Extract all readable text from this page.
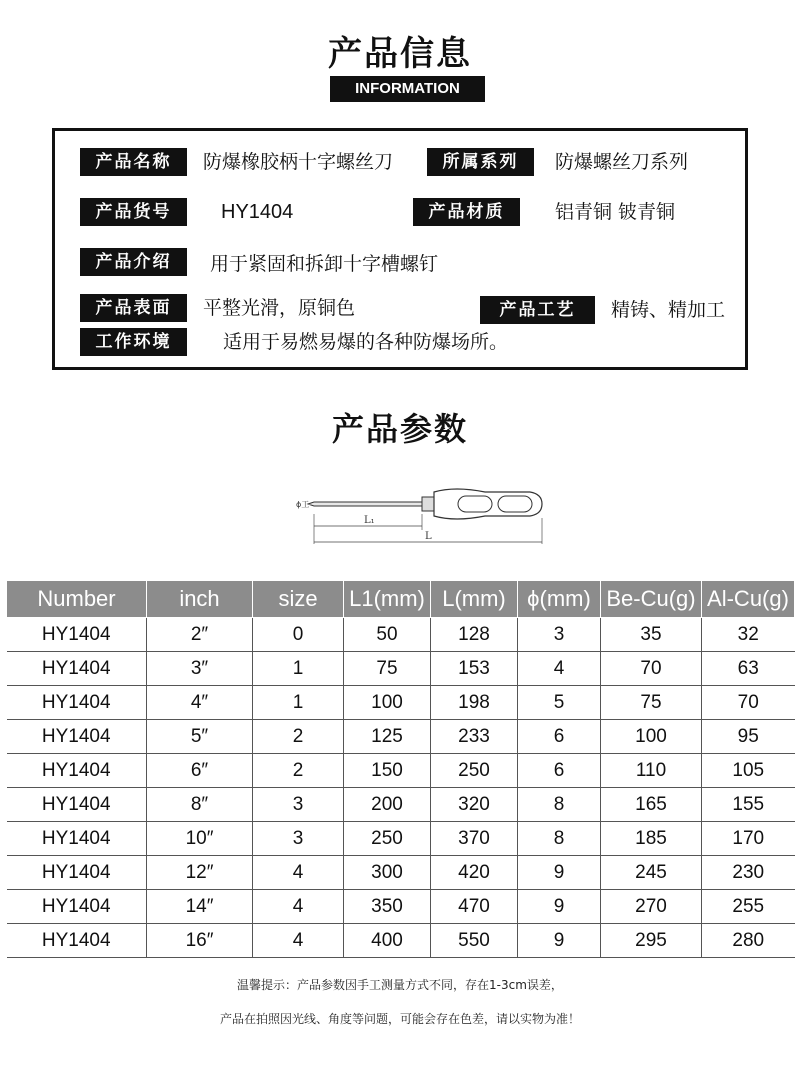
产品信息
INFORMATION
产品名称	防爆橡胶柄十字螺丝刀	所属系列	防爆螺丝刀系列
产品货号	HY1404	产品材质	铝青铜 铍青铜
产品介绍	用于紧固和拆卸十字槽螺钉
产品表面	平整光滑，原铜色	产品工艺	精铸、精加工
工作环境	适用于易燃易爆的各种防爆场所。
产品参数
ϕ工
L₁
L
Number	inch	size	L1(mm)	L(mm)	ϕ(mm)	Be-Cu(g)	Al-Cu(g)
HY1404	2″	0	50	128	3	35	32
HY1404	3″	1	75	153	4	70	63
HY1404	4″	1	100	198	5	75	70
HY1404	5″	2	125	233	6	100	95
HY1404	6″	2	150	250	6	110	105
HY1404	8″	3	200	320	8	165	155
HY1404	10″	3	250	370	8	185	170
HY1404	12″	4	300	420	9	245	230
HY1404	14″	4	350	470	9	270	255
HY1404	16″	4	400	550	9	295	280
温馨提示：产品参数因手工测量方式不同，存在1-3cm误差，
产品在拍照因光线、角度等问题，可能会存在色差，请以实物为准！
